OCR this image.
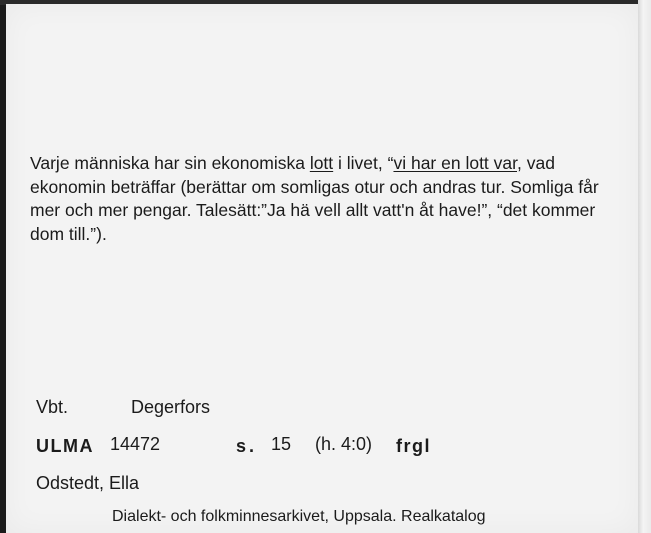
Varje människa har sin ekonomiska lott i livet, “vi har en lott var, vad ekonomin beträffar (berättar om somligas otur och andras tur. Somliga får mer och mer pengar. Talesätt:”Ja hä vell allt vatt'n åt have!”, “det kommer dom till.”).

Vbt.	Degerfors
ULMA 14472	s. 15 (h. 4:0) frgl
Odstedt, Ella
Dialekt- och folkminnesarkivet, Uppsala. Realkatalog
